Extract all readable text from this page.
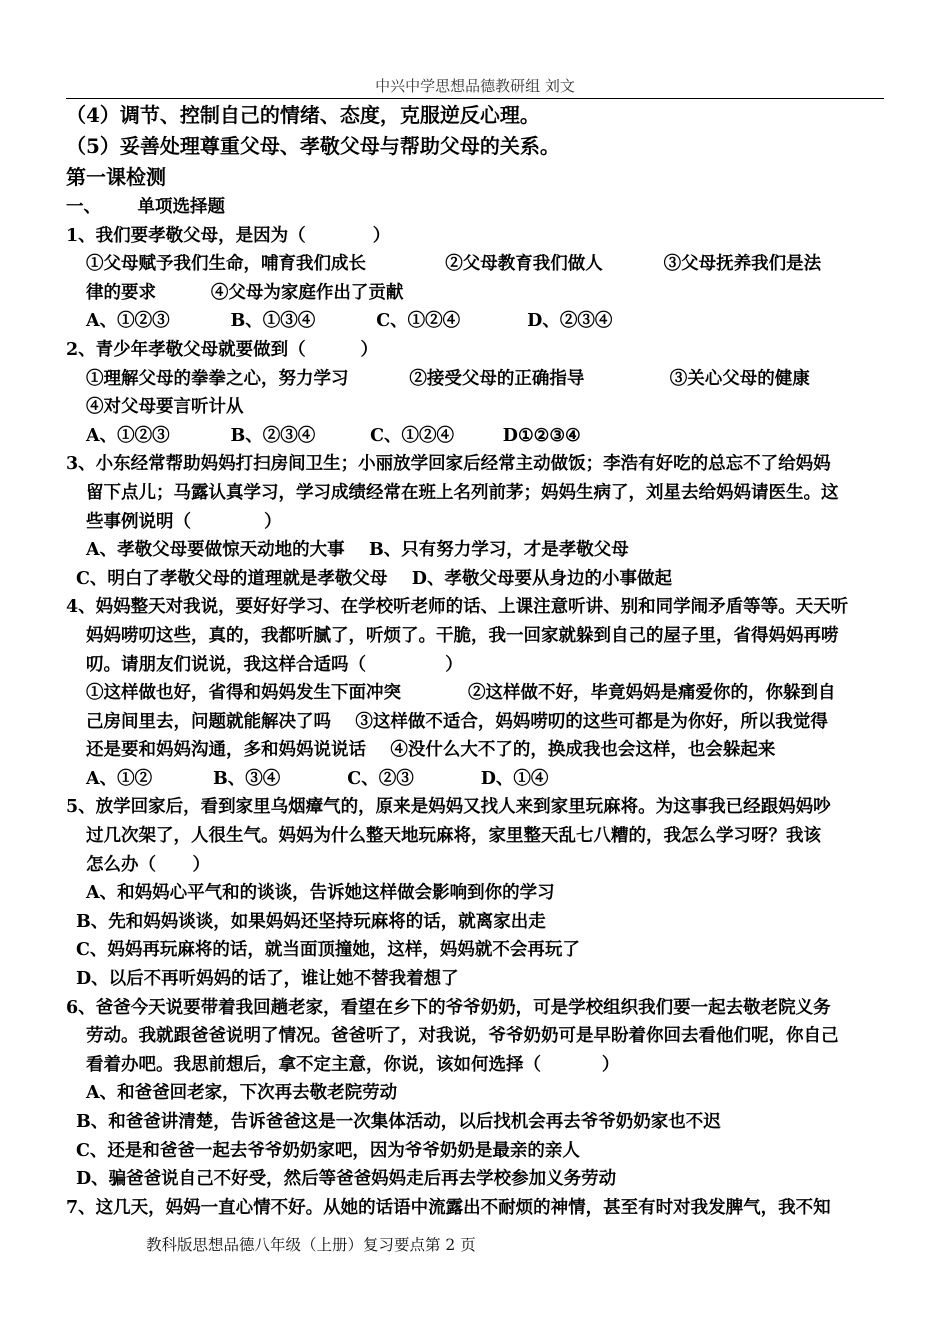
中兴中学思想品德教研组 刘文
（4）调节、控制自己的情绪、态度，克服逆反心理。
（5）妥善处理尊重父母、孝敬父母与帮助父母的关系。
第一课检测
一、      单项选择题
1、我们要孝敬父母，是因为（           ）
①父母赋予我们生命，哺育我们成长             ②父母教育我们做人          ③父母抚养我们是法
律的要求         ④父母为家庭作出了贡献
A、①②③          B、①③④          C、①②④           D、②③④
2、青少年孝敬父母就要做到（         ）
①理解父母的拳拳之心，努力学习          ②接受父母的正确指导              ③关心父母的健康
④对父母要言听计从
A、①②③          B、②③④         C、①②④        D①②③④
3、小东经常帮助妈妈打扫房间卫生；小丽放学回家后经常主动做饭；李浩有好吃的总忘不了给妈妈
留下点儿；马露认真学习，学习成绩经常在班上名列前茅；妈妈生病了，刘星去给妈妈请医生。这
些事例说明（            ）
A、孝敬父母要做惊天动地的大事    B、只有努力学习，才是孝敬父母
C、明白了孝敬父母的道理就是孝敬父母    D、孝敬父母要从身边的小事做起
4、妈妈整天对我说，要好好学习、在学校听老师的话、上课注意听讲、别和同学闹矛盾等等。天天听
妈妈唠叨这些，真的，我都听腻了，听烦了。干脆，我一回家就躲到自己的屋子里，省得妈妈再唠
叨。请朋友们说说，我这样合适吗（             ）
①这样做也好，省得和妈妈发生下面冲突           ②这样做不好，毕竟妈妈是痛爱你的，你躲到自
己房间里去，问题就能解决了吗    ③这样做不适合，妈妈唠叨的这些可都是为你好，所以我觉得
还是要和妈妈沟通，多和妈妈说说话    ④没什么大不了的，换成我也会这样，也会躲起来
A、①②          B、③④           C、②③           D、①④
5、放学回家后，看到家里乌烟瘴气的，原来是妈妈又找人来到家里玩麻将。为这事我已经跟妈妈吵
过几次架了，人很生气。妈妈为什么整天地玩麻将，家里整天乱七八糟的，我怎么学习呀？我该
怎么办（      ）
A、和妈妈心平气和的谈谈，告诉她这样做会影响到你的学习
B、先和妈妈谈谈，如果妈妈还坚持玩麻将的话，就离家出走
C、妈妈再玩麻将的话，就当面顶撞她，这样，妈妈就不会再玩了
D、以后不再听妈妈的话了，谁让她不替我着想了
6、爸爸今天说要带着我回趟老家，看望在乡下的爷爷奶奶，可是学校组织我们要一起去敬老院义务
劳动。我就跟爸爸说明了情况。爸爸听了，对我说，爷爷奶奶可是早盼着你回去看他们呢，你自己
看着办吧。我思前想后，拿不定主意，你说，该如何选择（          ）
A、和爸爸回老家，下次再去敬老院劳动
B、和爸爸讲清楚，告诉爸爸这是一次集体活动，以后找机会再去爷爷奶奶家也不迟
C、还是和爸爸一起去爷爷奶奶家吧，因为爷爷奶奶是最亲的亲人
D、骗爸爸说自己不好受，然后等爸爸妈妈走后再去学校参加义务劳动
7、这几天，妈妈一直心情不好。从她的话语中流露出不耐烦的神情，甚至有时对我发脾气，我不知
教科版思想品德八年级（上册）复习要点第 2 页
